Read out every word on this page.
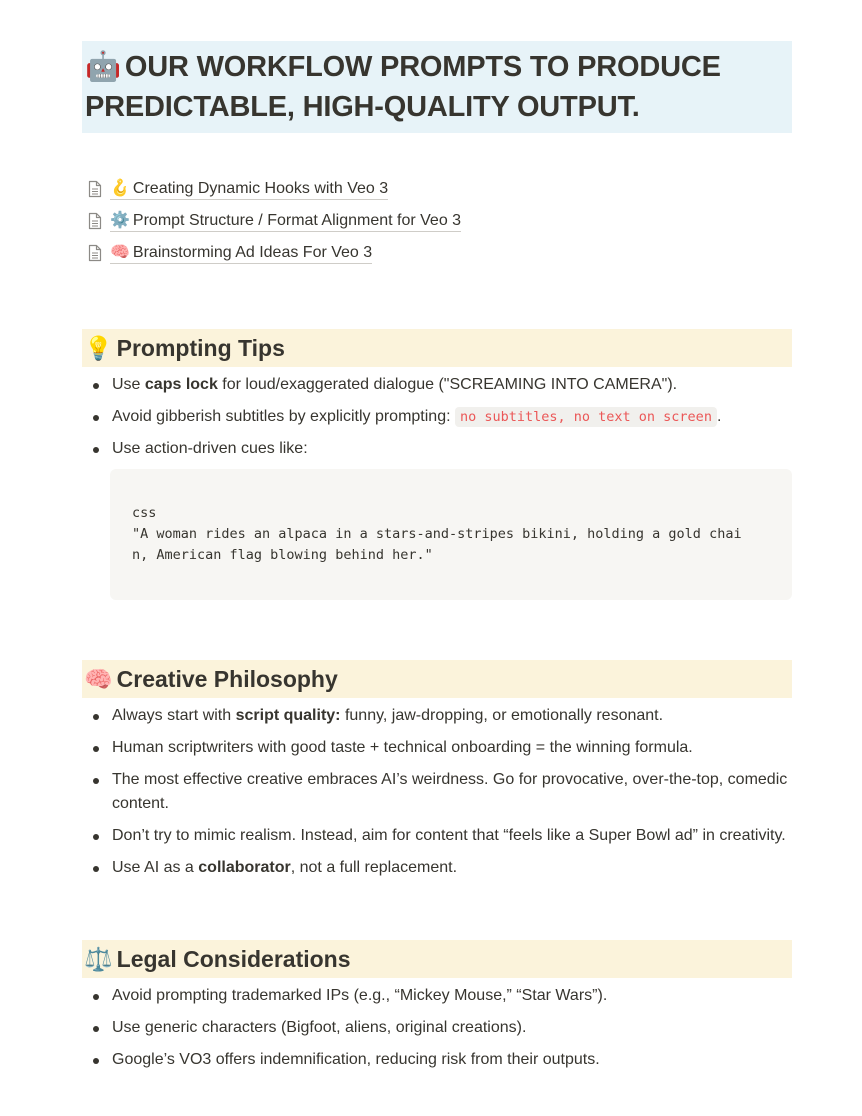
🤖 OUR WORKFLOW PROMPTS TO PRODUCE PREDICTABLE, HIGH-QUALITY OUTPUT.
🪝 Creating Dynamic Hooks with Veo 3
⚙️ Prompt Structure / Format Alignment for Veo 3
🧠 Brainstorming Ad Ideas For Veo 3
💡 Prompting Tips
Use caps lock for loud/exaggerated dialogue ("SCREAMING INTO CAMERA").
Avoid gibberish subtitles by explicitly prompting: no subtitles, no text on screen .
Use action-driven cues like:
css
"A woman rides an alpaca in a stars-and-stripes bikini, holding a gold chain, American flag blowing behind her."
🧠 Creative Philosophy
Always start with script quality: funny, jaw-dropping, or emotionally resonant.
Human scriptwriters with good taste + technical onboarding = the winning formula.
The most effective creative embraces AI’s weirdness. Go for provocative, over-the-top, comedic content.
Don’t try to mimic realism. Instead, aim for content that “feels like a Super Bowl ad” in creativity.
Use AI as a collaborator, not a full replacement.
⚖️ Legal Considerations
Avoid prompting trademarked IPs (e.g., “Mickey Mouse,” “Star Wars”).
Use generic characters (Bigfoot, aliens, original creations).
Google’s VO3 offers indemnification, reducing risk from their outputs.
